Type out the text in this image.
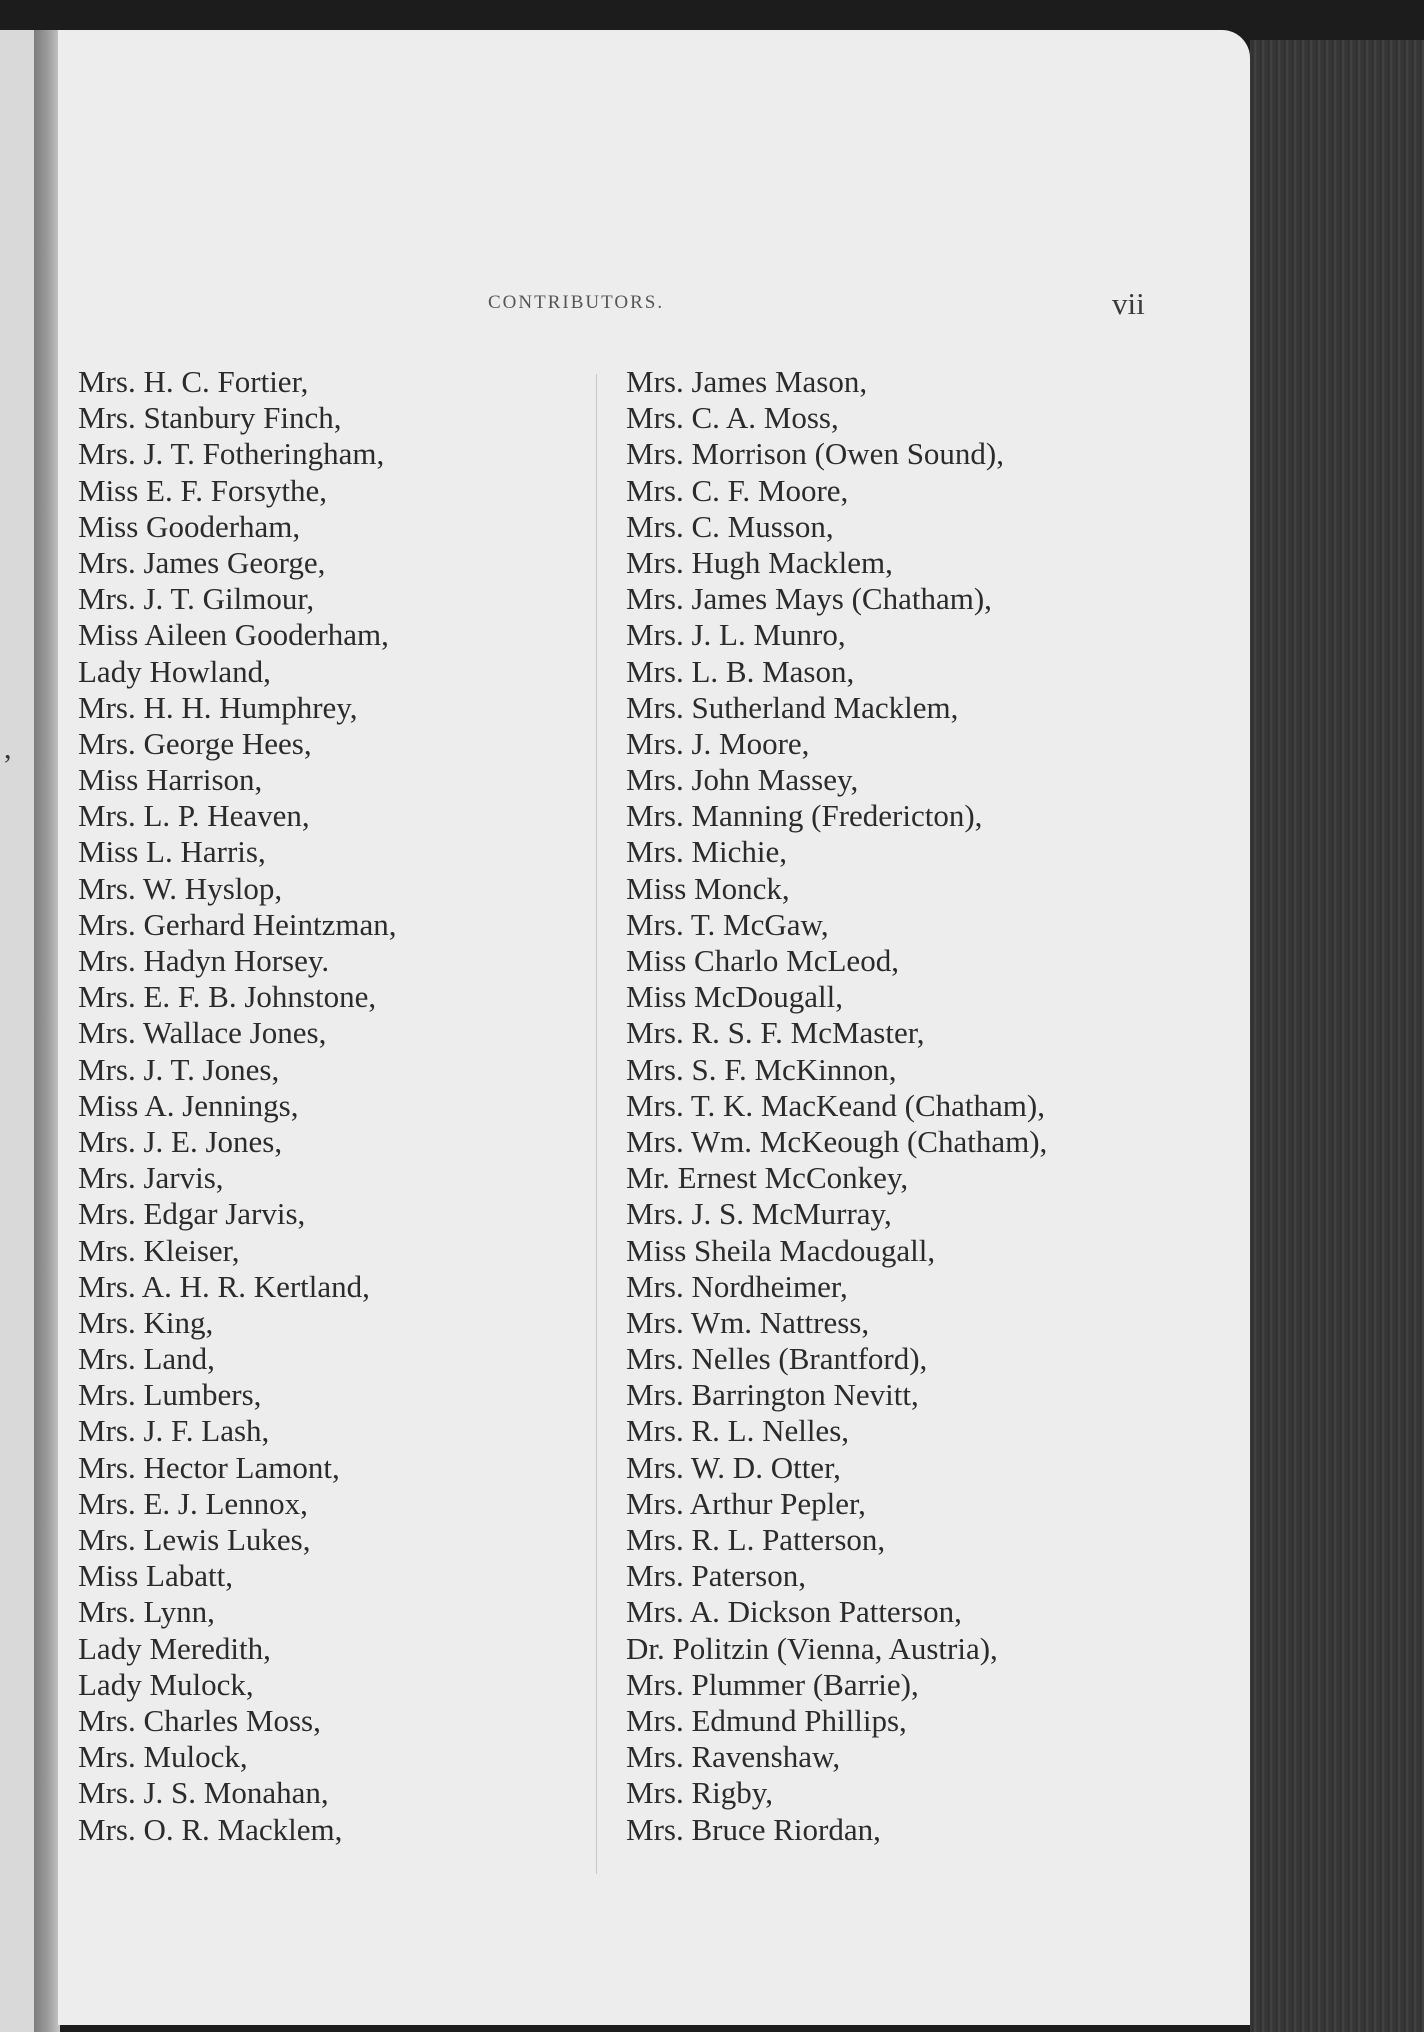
,
CONTRIBUTORS.	vii
Mrs. H. C. Fortier,
Mrs. Stanbury Finch,
Mrs. J. T. Fotheringham,
Miss E. F. Forsythe,
Miss Gooderham,
Mrs. James George,
Mrs. J. T. Gilmour,
Miss Aileen Gooderham,
Lady Howland,
Mrs. H. H. Humphrey,
Mrs. George Hees,
Miss Harrison,
Mrs. L. P. Heaven,
Miss L. Harris,
Mrs. W. Hyslop,
Mrs. Gerhard Heintzman,
Mrs. Hadyn Horsey.
Mrs. E. F. B. Johnstone,
Mrs. Wallace Jones,
Mrs. J. T. Jones,
Miss A. Jennings,
Mrs. J. E. Jones,
Mrs. Jarvis,
Mrs. Edgar Jarvis,
Mrs. Kleiser,
Mrs. A. H. R. Kertland,
Mrs. King,
Mrs. Land,
Mrs. Lumbers,
Mrs. J. F. Lash,
Mrs. Hector Lamont,
Mrs. E. J. Lennox,
Mrs. Lewis Lukes,
Miss Labatt,
Mrs. Lynn,
Lady Meredith,
Lady Mulock,
Mrs. Charles Moss,
Mrs. Mulock,
Mrs. J. S. Monahan,
Mrs. O. R. Macklem,
Mrs. James Mason,
Mrs. C. A. Moss,
Mrs. Morrison (Owen Sound),
Mrs. C. F. Moore,
Mrs. C. Musson,
Mrs. Hugh Macklem,
Mrs. James Mays (Chatham),
Mrs. J. L. Munro,
Mrs. L. B. Mason,
Mrs. Sutherland Macklem,
Mrs. J. Moore,
Mrs. John Massey,
Mrs. Manning (Fredericton),
Mrs. Michie,
Miss Monck,
Mrs. T. McGaw,
Miss Charlo McLeod,
Miss McDougall,
Mrs. R. S. F. McMaster,
Mrs. S. F. McKinnon,
Mrs. T. K. MacKeand (Chatham),
Mrs. Wm. McKeough (Chatham),
Mr. Ernest McConkey,
Mrs. J. S. McMurray,
Miss Sheila Macdougall,
Mrs. Nordheimer,
Mrs. Wm. Nattress,
Mrs. Nelles (Brantford),
Mrs. Barrington Nevitt,
Mrs. R. L. Nelles,
Mrs. W. D. Otter,
Mrs. Arthur Pepler,
Mrs. R. L. Patterson,
Mrs. Paterson,
Mrs. A. Dickson Patterson,
Dr. Politzin (Vienna, Austria),
Mrs. Plummer (Barrie),
Mrs. Edmund Phillips,
Mrs. Ravenshaw,
Mrs. Rigby,
Mrs. Bruce Riordan,
